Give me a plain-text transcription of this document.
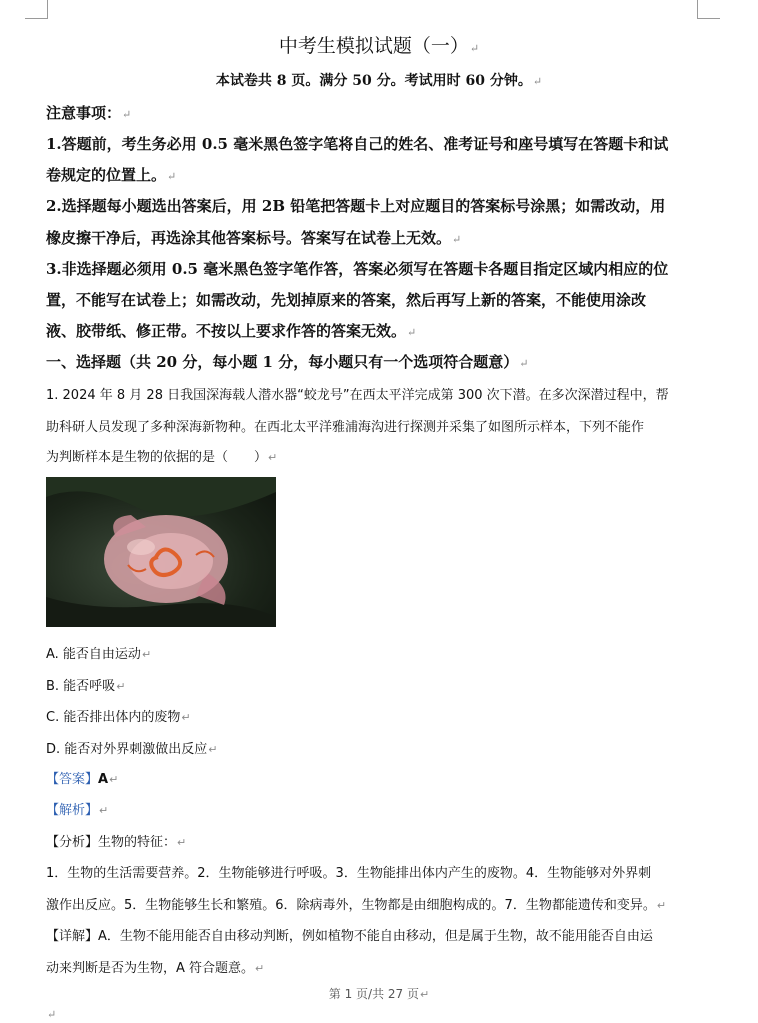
中考生模拟试题（一）↵
本试卷共 8 页。满分 50 分。考试用时 60 分钟。↵
注意事项：↵
1.答题前，考生务必用 0.5 毫米黑色签字笔将自己的姓名、准考证号和座号填写在答题卡和试
卷规定的位置上。↵
2.选择题每小题选出答案后，用 2B 铅笔把答题卡上对应题目的答案标号涂黑；如需改动，用
橡皮擦干净后，再选涂其他答案标号。答案写在试卷上无效。↵
3.非选择题必须用 0.5 毫米黑色签字笔作答，答案必须写在答题卡各题目指定区域内相应的位
置，不能写在试卷上；如需改动，先划掉原来的答案，然后再写上新的答案，不能使用涂改
液、胶带纸、修正带。不按以上要求作答的答案无效。↵
一、选择题（共 20 分，每小题 1 分，每小题只有一个选项符合题意）↵
1. 2024 年 8 月 28 日我国深海载人潜水器“蛟龙号”在西太平洋完成第 300 次下潜。在多次深潜过程中，帮
助科研人员发现了多种深海新物种。在西北太平洋雅浦海沟进行探测并采集了如图所示样本，下列不能作
为判断样本是生物的依据的是（　　）↵
A. 能否自由运动↵
B. 能否呼吸↵
C. 能否排出体内的废物↵
D. 能否对外界刺激做出反应↵
【答案】A↵
【解析】↵
【分析】生物的特征：↵
1．生物的生活需要营养。2．生物能够进行呼吸。3．生物能排出体内产生的废物。4．生物能够对外界刺
激作出反应。5．生物能够生长和繁殖。6．除病毒外，生物都是由细胞构成的。7．生物都能遗传和变异。↵
【详解】A．生物不能用能否自由移动判断，例如植物不能自由移动，但是属于生物，故不能用能否自由运
动来判断是否为生物，A 符合题意。↵
第 1 页/共 27 页↵
↵
